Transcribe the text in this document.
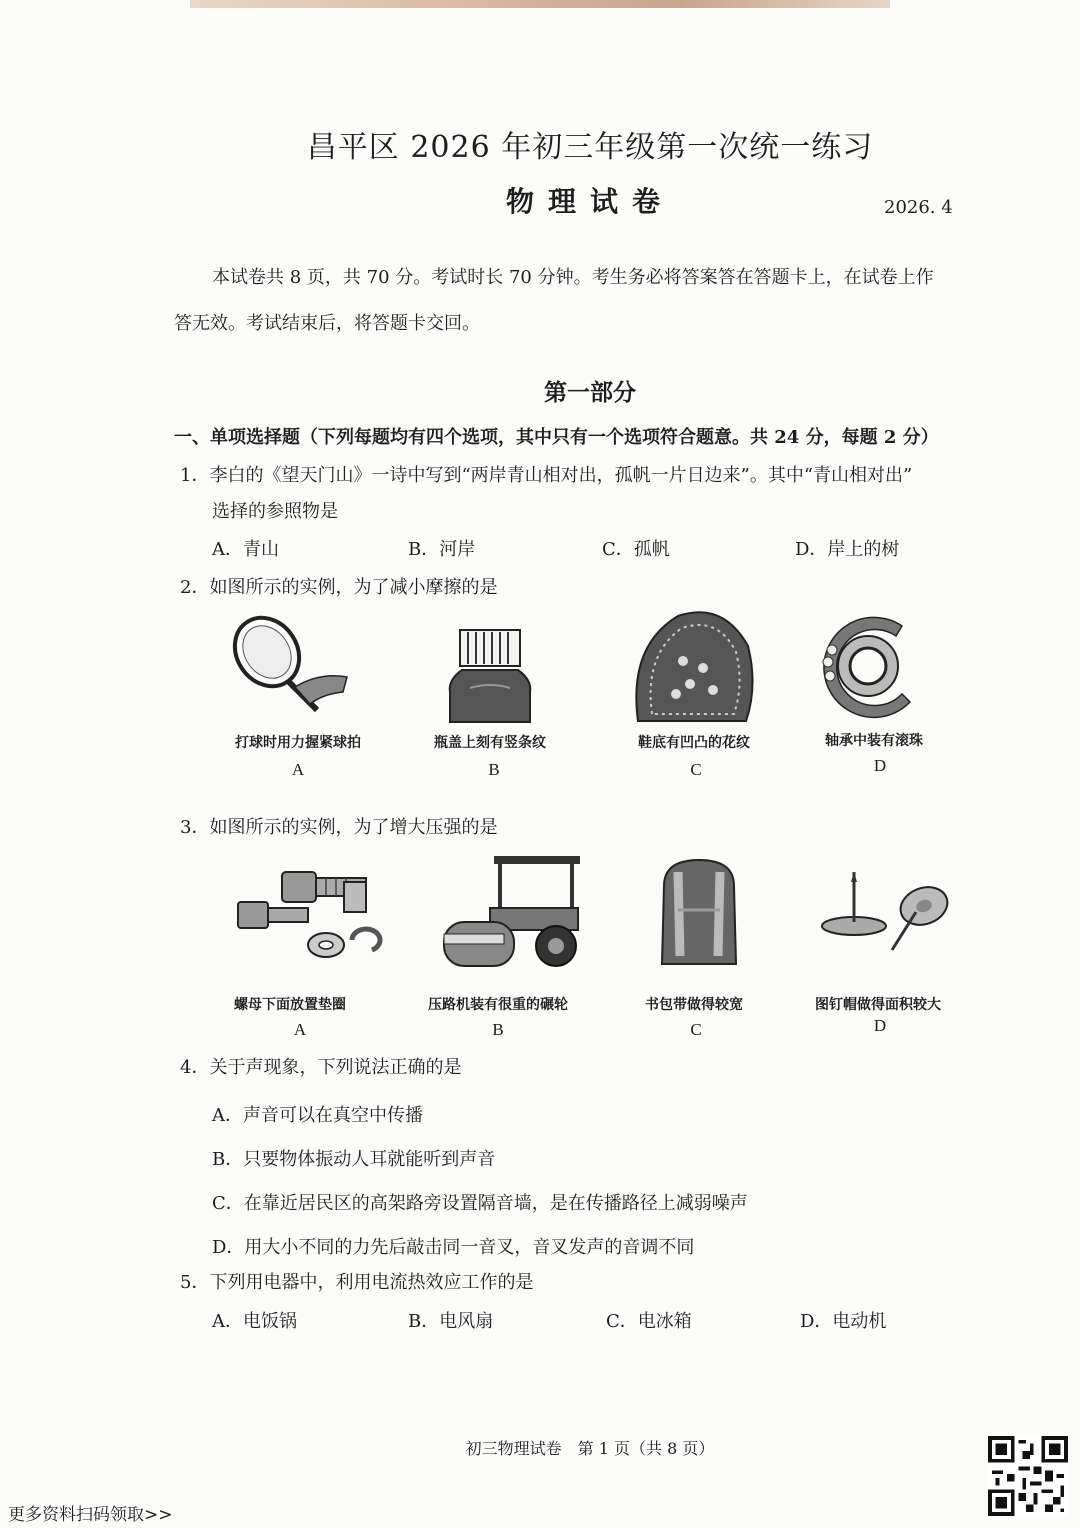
昌平区 2026 年初三年级第一次统一练习
物理试卷	2026. 4
本试卷共 8 页，共 70 分。考试时长 70 分钟。考生务必将答案答在答题卡上，在试卷上作
答无效。考试结束后，将答题卡交回。
第一部分
一、单项选择题（下列每题均有四个选项，其中只有一个选项符合题意。共 24 分，每题 2 分）
1．李白的《望天门山》一诗中写到“两岸青山相对出，孤帆一片日边来”。其中“青山相对出”
选择的参照物是
A．青山	B．河岸	C．孤帆	D．岸上的树
2．如图所示的实例，为了减小摩擦的是
打球时用力握紧球拍
A
瓶盖上刻有竖条纹
B
鞋底有凹凸的花纹
C
轴承中装有滚珠
D
3．如图所示的实例，为了增大压强的是
螺母下面放置垫圈
A
压路机装有很重的碾轮
B
书包带做得较宽
C
图钉帽做得面积较大
D
4．关于声现象，下列说法正确的是
A．声音可以在真空中传播
B．只要物体振动人耳就能听到声音
C．在靠近居民区的高架路旁设置隔音墙，是在传播路径上减弱噪声
D．用大小不同的力先后敲击同一音叉，音叉发声的音调不同
5．下列用电器中，利用电流热效应工作的是
A．电饭锅	B．电风扇	C．电冰箱	D．电动机
初三物理试卷　第 1 页（共 8 页）
更多资料扫码领取>>
